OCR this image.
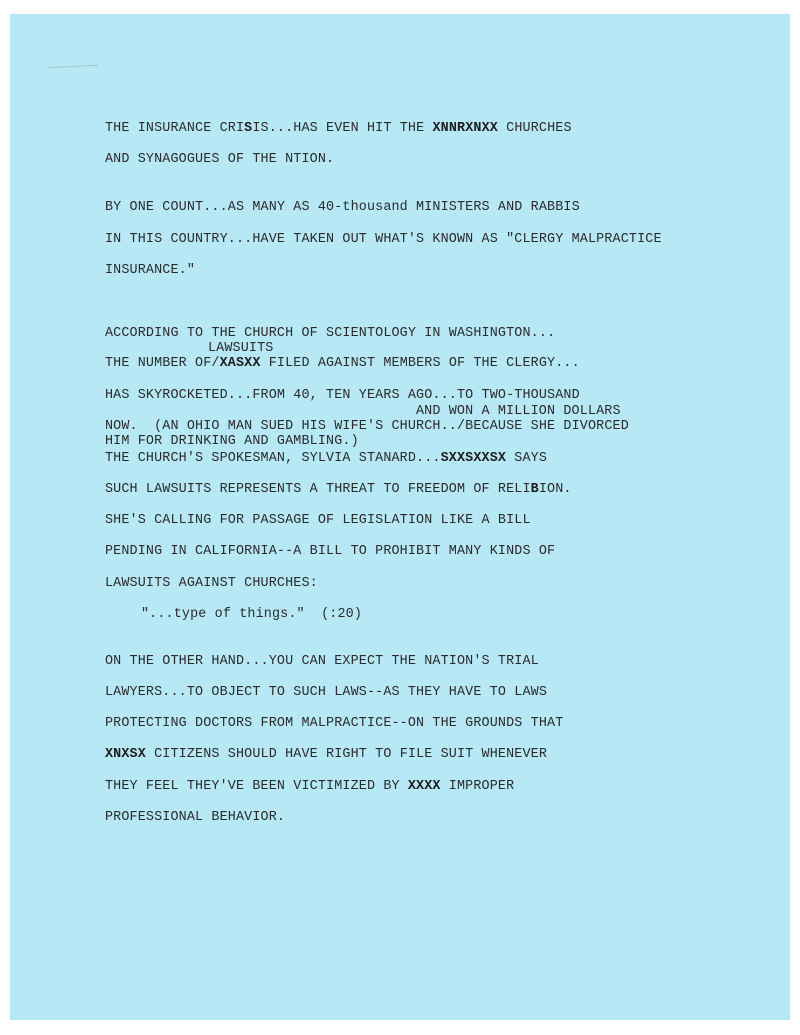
THE INSURANCE CRISIS...HAS EVEN HIT THE XNNRXNXX CHURCHES

AND SYNAGOGUES OF THE NTION.

BY ONE COUNT...AS MANY AS 40-thousand MINISTERS AND RABBIS

IN THIS COUNTRY...HAVE TAKEN OUT WHAT'S KNOWN AS "CLERGY MALPRACTICE

INSURANCE."

ACCORDING TO THE CHURCH OF SCIENTOLOGY IN WASHINGTON...

LAWSUITS

THE NUMBER OF/XASXX FILED AGAINST MEMBERS OF THE CLERGY...

HAS SKYROCKETED...FROM 40, TEN YEARS AGO...TO TWO-THOUSAND

AND WON A MILLION DOLLARS

NOW.  (AN OHIO MAN SUED HIS WIFE'S CHURCH../BECAUSE SHE DIVORCED

HIM FOR DRINKING AND GAMBLING.)

THE CHURCH'S SPOKESMAN, SYLVIA STANARD...SXXSXXSX SAYS

SUCH LAWSUITS REPRESENTS A THREAT TO FREEDOM OF RELIBION.

SHE'S CALLING FOR PASSAGE OF LEGISLATION LIKE A BILL

PENDING IN CALIFORNIA--A BILL TO PROHIBIT MANY KINDS OF

LAWSUITS AGAINST CHURCHES:

"...type of things."  (:20)

ON THE OTHER HAND...YOU CAN EXPECT THE NATION'S TRIAL

LAWYERS...TO OBJECT TO SUCH LAWS--AS THEY HAVE TO LAWS

PROTECTING DOCTORS FROM MALPRACTICE--ON THE GROUNDS THAT

XNXSX CITIZENS SHOULD HAVE RIGHT TO FILE SUIT WHENEVER

THEY FEEL THEY'VE BEEN VICTIMIZED BY XXXX IMPROPER

PROFESSIONAL BEHAVIOR.
